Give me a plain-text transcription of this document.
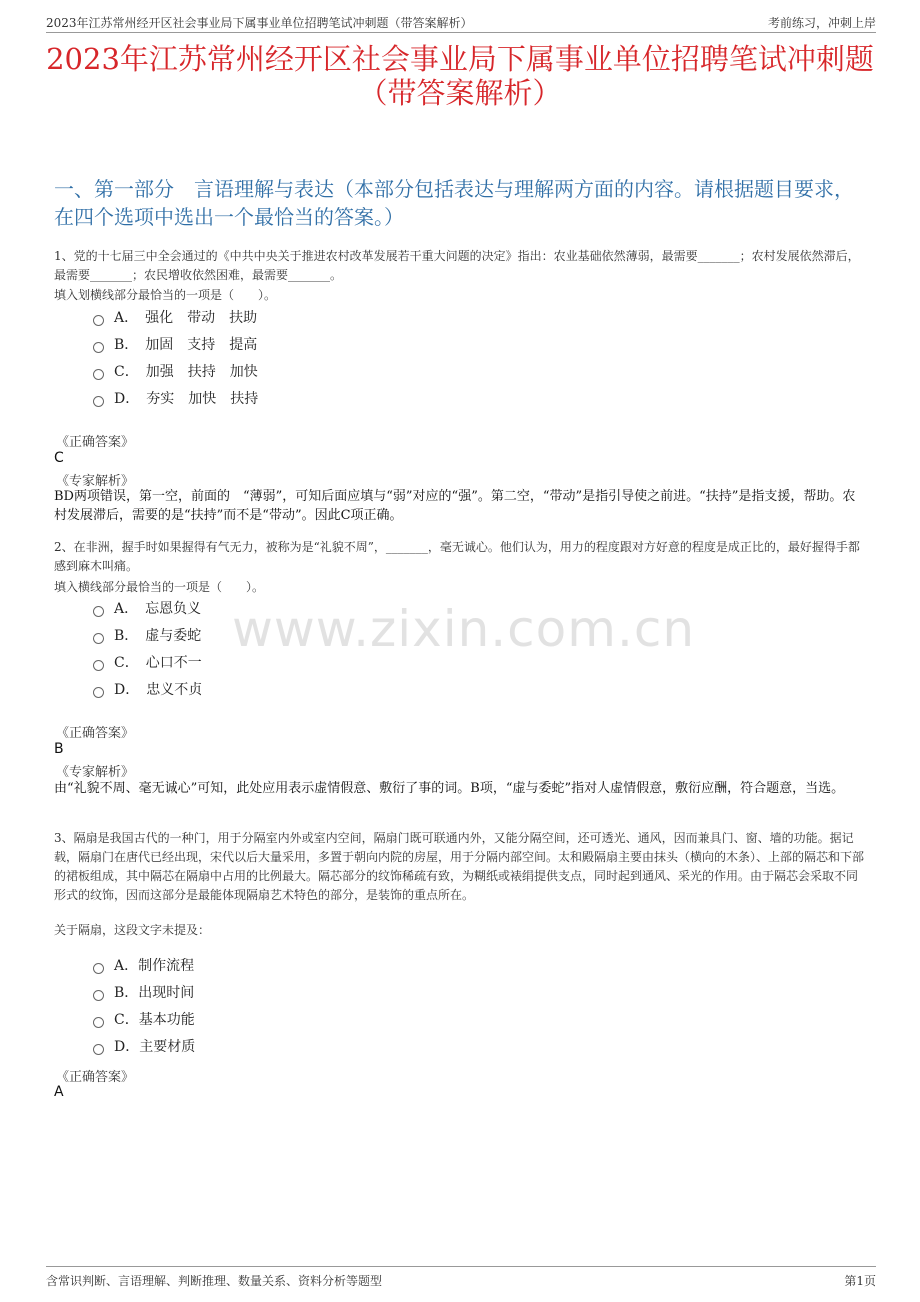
2023年江苏常州经开区社会事业局下属事业单位招聘笔试冲刺题（带答案解析）	考前练习，冲刺上岸
2023年江苏常州经开区社会事业局下属事业单位招聘笔试冲刺题（带答案解析）
一、第一部分　言语理解与表达（本部分包括表达与理解两方面的内容。请根据题目要求，在四个选项中选出一个最恰当的答案。）
www.zixin.com.cn
1、党的十七届三中全会通过的《中共中央关于推进农村改革发展若干重大问题的决定》指出：农业基础依然薄弱，最需要_______；农村发展依然滞后，最需要_______；农民增收依然困难，最需要_______。
填入划横线部分最恰当的一项是（　　）。
A．　强化　带动　扶助
B．　加固　支持　提高
C．　加强　扶持　加快
D．　夯实　加快　扶持
《正确答案》
C
《专家解析》
BD两项错误，第一空，前面的　“薄弱”，可知后面应填与“弱”对应的“强”。第二空，“带动”是指引导使之前进。“扶持”是指支援，帮助。农村发展滞后，需要的是“扶持”而不是“带动”。因此C项正确。
2、在非洲，握手时如果握得有气无力，被称为是“礼貌不周”，_______，毫无诚心。他们认为，用力的程度跟对方好意的程度是成正比的，最好握得手都感到麻木叫痛。
填入横线部分最恰当的一项是（　　）。
A．　忘恩负义
B．　虚与委蛇
C．　心口不一
D．　忠义不贞
《正确答案》
B
《专家解析》
由“礼貌不周、毫无诚心”可知，此处应用表示虚情假意、敷衍了事的词。B项，“虚与委蛇”指对人虚情假意，敷衍应酬，符合题意，当选。
3、隔扇是我国古代的一种门，用于分隔室内外或室内空间，隔扇门既可联通内外，又能分隔空间，还可透光、通风，因而兼具门、窗、墙的功能。据记载，隔扇门在唐代已经出现，宋代以后大量采用，多置于朝向内院的房屋，用于分隔内部空间。太和殿隔扇主要由抹头（横向的木条）、上部的隔芯和下部的裙板组成，其中隔芯在隔扇中占用的比例最大。隔芯部分的纹饰稀疏有致，为糊纸或裱绢提供支点，同时起到通风、采光的作用。由于隔芯会采取不同形式的纹饰，因而这部分是最能体现隔扇艺术特色的部分，是装饰的重点所在。
关于隔扇，这段文字未提及：
A．制作流程
B．出现时间
C．基本功能
D．主要材质
《正确答案》
A
含常识判断、言语理解、判断推理、数量关系、资料分析等题型	第1页
